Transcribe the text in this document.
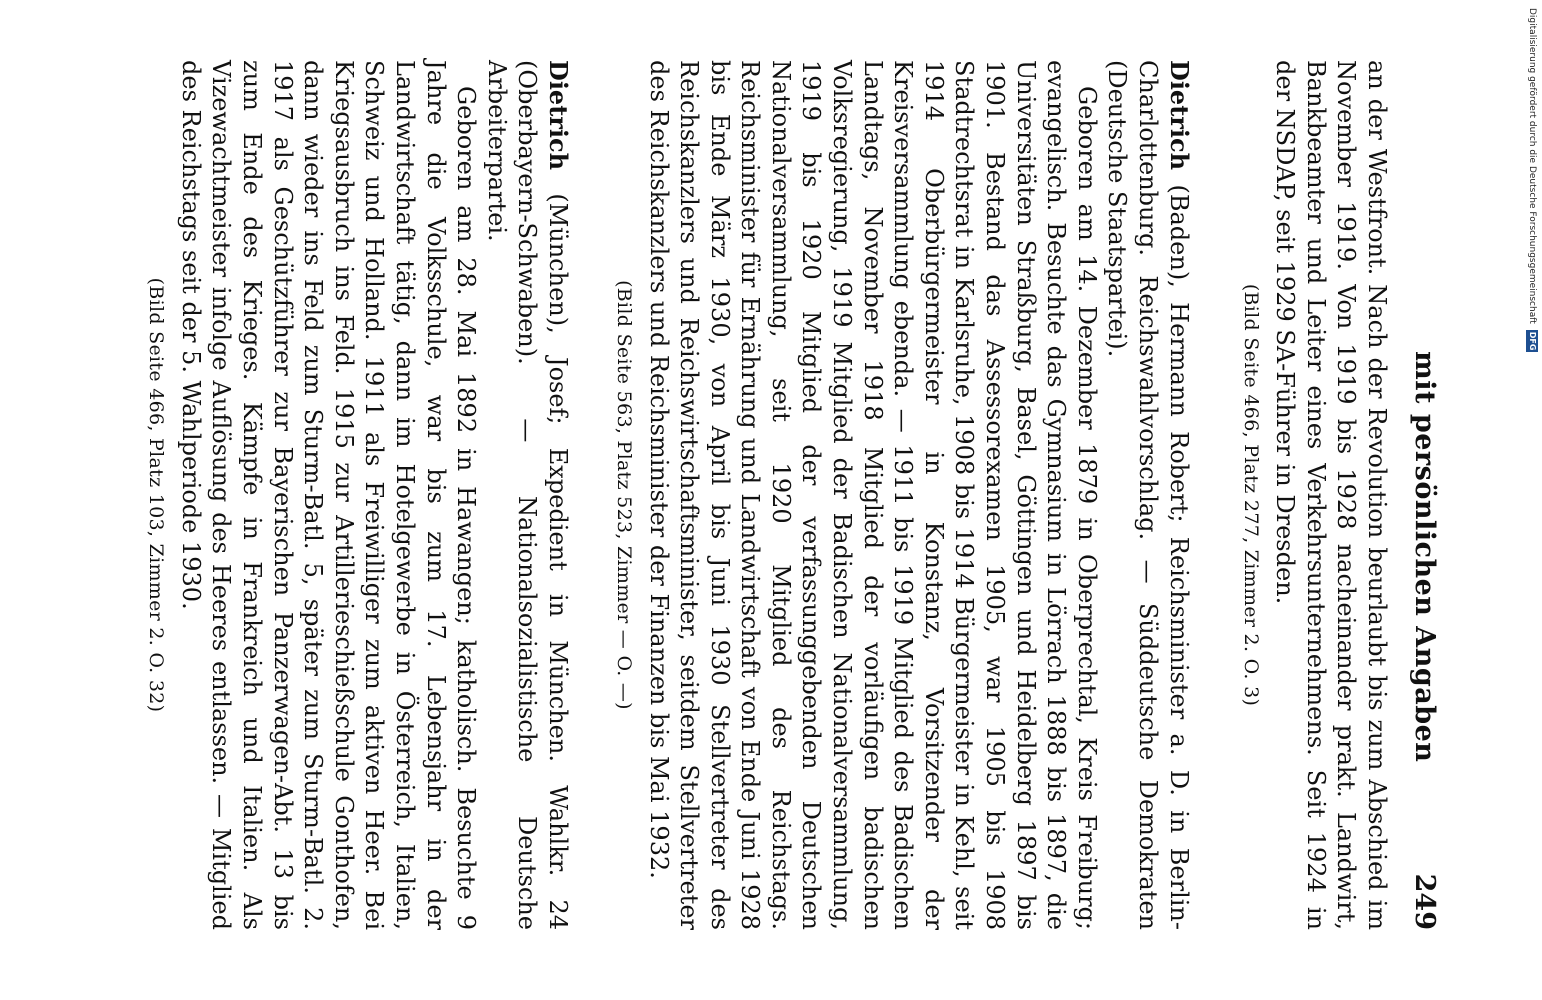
mit persönlichen Angaben
249

an der Westfront. Nach der Revolution beurlaubt bis zum Abschied im November 1919. Von 1919 bis 1928 nacheinander prakt. Landwirt, Bankbeamter und Leiter eines Verkehrsunternehmens. Seit 1924 in der NSDAP, seit 1929 SA-Führer in Dresden.

(Bild Seite 466, Platz 277, Zimmer 2. O. 3)

Dietrich (Baden), Hermann Robert; Reichsminister a. D. in Berlin-Charlottenburg. Reichswahlvorschlag. — Süddeutsche Demokraten (Deutsche Staatspartei).

Geboren am 14. Dezember 1879 in Oberprechtal, Kreis Freiburg; evangelisch. Besuchte das Gymnasium in Lörrach 1888 bis 1897, die Universitäten Straßburg, Basel, Göttingen und Heidelberg 1897 bis 1901. Bestand das Assessorexamen 1905, war 1905 bis 1908 Stadtrechtsrat in Karlsruhe, 1908 bis 1914 Bürgermeister in Kehl, seit 1914 Oberbürgermeister in Konstanz, Vorsitzender der Kreisversammlung ebenda. — 1911 bis 1919 Mitglied des Badischen Landtags, November 1918 Mitglied der vorläufigen badischen Volksregierung, 1919 Mitglied der Badischen Nationalversammlung, 1919 bis 1920 Mitglied der verfassunggebenden Deutschen Nationalversammlung, seit 1920 Mitglied des Reichstags. Reichsminister für Ernährung und Landwirtschaft von Ende Juni 1928 bis Ende März 1930, von April bis Juni 1930 Stellvertreter des Reichskanzlers und Reichswirtschaftsminister, seitdem Stellvertreter des Reichskanzlers und Reichsminister der Finanzen bis Mai 1932.

(Bild Seite 563, Platz 523, Zimmer — O. —)

Dietrich (München), Josef; Expedient in München. Wahlkr. 24 (Oberbayern-Schwaben). — Nationalsozialistische Deutsche Arbeiterpartei.

Geboren am 28. Mai 1892 in Hawangen; katholisch. Besuchte 9 Jahre die Volksschule, war bis zum 17. Lebensjahr in der Landwirtschaft tätig, dann im Hotelgewerbe in Österreich, Italien, Schweiz und Holland. 1911 als Freiwilliger zum aktiven Heer. Bei Kriegsausbruch ins Feld. 1915 zur Artillerieschießschule Gonthofen, dann wieder ins Feld zum Sturm-Batl. 5, später zum Sturm-Batl. 2. 1917 als Geschützführer zur Bayerischen Panzerwagen-Abt. 13 bis zum Ende des Krieges. Kämpfe in Frankreich und Italien. Als Vizewachtmeister infolge Auflösung des Heeres entlassen. — Mitglied des Reichstags seit der 5. Wahlperiode 1930.

(Bild Seite 466, Platz 103, Zimmer 2. O. 32)
Digitalisierung gefördert durch die Deutsche Forschungsgemeinschaft
DFG
